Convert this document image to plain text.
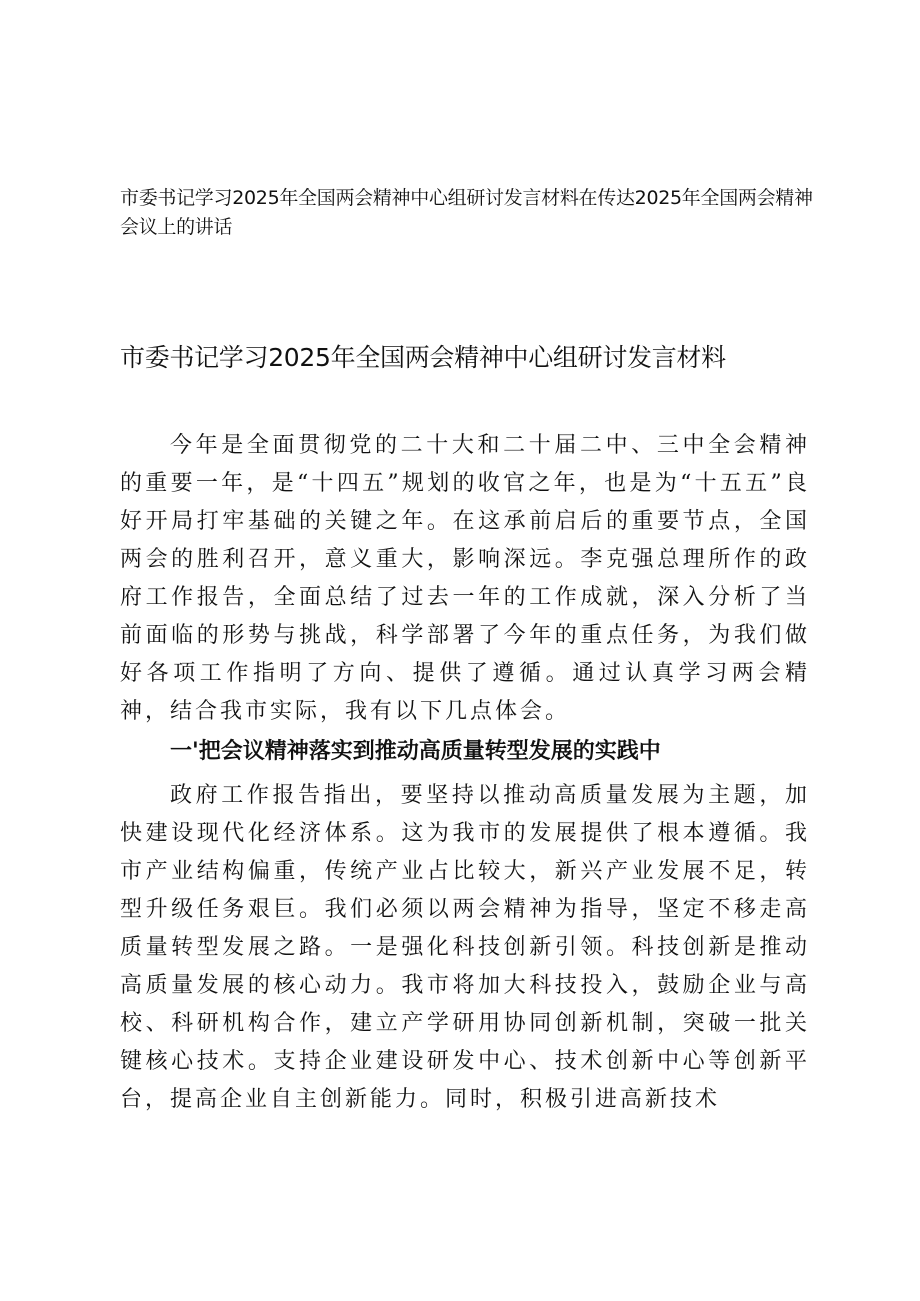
市委书记学习2025年全国两会精神中心组研讨发言材料在传达2025年全国两会精神会议上的讲话
市委书记学习2025年全国两会精神中心组研讨发言材料

今年是全面贯彻党的二十大和二十届二中、三中全会精神的重要一年，是“十四五”规划的收官之年，也是为“十五五”良好开局打牢基础的关键之年。在这承前启后的重要节点，全国两会的胜利召开，意义重大，影响深远。李克强总理所作的政府工作报告，全面总结了过去一年的工作成就，深入分析了当前面临的形势与挑战，科学部署了今年的重点任务，为我们做好各项工作指明了方向、提供了遵循。通过认真学习两会精神，结合我市实际，我有以下几点体会。

一'把会议精神落实到推动高质量转型发展的实践中

政府工作报告指出，要坚持以推动高质量发展为主题，加快建设现代化经济体系。这为我市的发展提供了根本遵循。我市产业结构偏重，传统产业占比较大，新兴产业发展不足，转型升级任务艰巨。我们必须以两会精神为指导，坚定不移走高质量转型发展之路。一是强化科技创新引领。科技创新是推动高质量发展的核心动力。我市将加大科技投入，鼓励企业与高校、科研机构合作，建立产学研用协同创新机制，突破一批关键核心技术。支持企业建设研发中心、技术创新中心等创新平台，提高企业自主创新能力。同时，积极引进高新技术
